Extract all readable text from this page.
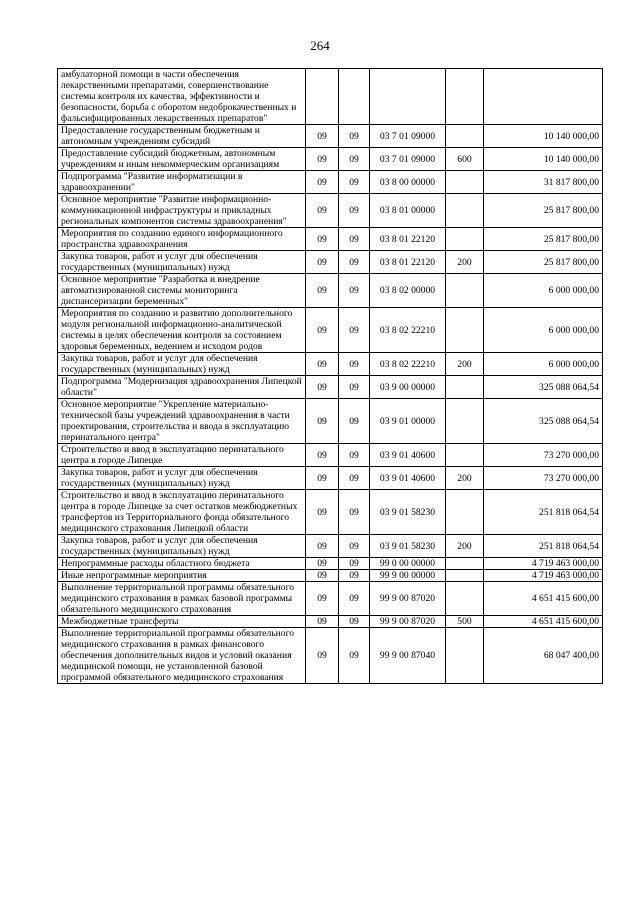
264
амбулаторной помощи в части обеспечения лекарственными препаратами, совершенствование системы контроля их качества, эффективности и безопасности, борьба с оборотом недоброкачественных и фальсифицированных лекарственных препаратов"					
Предоставление государственным бюджетным и автономным учреждениям субсидий	09	09	03 7 01 09000		10 140 000,00
Предоставление субсидий бюджетным, автономным учреждениям и иным некоммерческим организациям	09	09	03 7 01 09000	600	10 140 000,00
Подпрограмма "Развитие информатизации в здравоохранении"	09	09	03 8 00 00000		31 817 800,00
Основное мероприятие "Развитие информационно-коммуникационной инфраструктуры и прикладных региональных компонентов системы здравоохранения"	09	09	03 8 01 00000		25 817 800,00
Мероприятия по созданию единого информационного пространства здравоохранения	09	09	03 8 01 22120		25 817 800,00
Закупка товаров, работ и услуг для обеспечения государственных (муниципальных) нужд	09	09	03 8 01 22120	200	25 817 800,00
Основное мероприятие "Разработка и внедрение автоматизированной системы мониторинга диспансеризации беременных"	09	09	03 8 02 00000		6 000 000,00
Мероприятия по созданию и развитию дополнительного модуля региональной информационно-аналитической системы в целях обеспечения контроля за состоянием здоровья беременных, ведением и исходом родов	09	09	03 8 02 22210		6 000 000,00
Закупка товаров, работ и услуг для обеспечения государственных (муниципальных) нужд	09	09	03 8 02 22210	200	6 000 000,00
Подпрограмма "Модернизация здравоохранения Липецкой области"	09	09	03 9 00 00000		325 088 064,54
Основное мероприятие "Укрепление материально-технической базы учреждений здравоохранения в части проектирования, строительства и ввода в эксплуатацию перинатального центра"	09	09	03 9 01 00000		325 088 064,54
Строительство и ввод в эксплуатацию перинатального центра в городе Липецке	09	09	03 9 01 40600		73 270 000,00
Закупка товаров, работ и услуг для обеспечения государственных (муниципальных) нужд	09	09	03 9 01 40600	200	73 270 000,00
Строительство и ввод в эксплуатацию перинатального центра в городе Липецке за счет остатков межбюджетных трансфертов из Территориального фонда обязательного медицинского страхования Липецкой области	09	09	03 9 01 58230		251 818 064,54
Закупка товаров, работ и услуг для обеспечения государственных (муниципальных) нужд	09	09	03 9 01 58230	200	251 818 064,54
Непрограммные расходы областного бюджета	09	09	99 0 00 00000		4 719 463 000,00
Иные непрограммные мероприятия	09	09	99 9 00 00000		4 719 463 000,00
Выполнение территориальной программы обязательного медицинского страхования в рамках базовой программы обязательного медицинского страхования	09	09	99 9 00 87020		4 651 415 600,00
Межбюджетные трансферты	09	09	99 9 00 87020	500	4 651 415 600,00
Выполнение территориальной программы обязательного медицинского страхования в рамках финансового обеспечения дополнительных видов и условий оказания медицинской помощи, не установленной базовой программой обязательного медицинского страхования	09	09	99 9 00 87040		68 047 400,00
